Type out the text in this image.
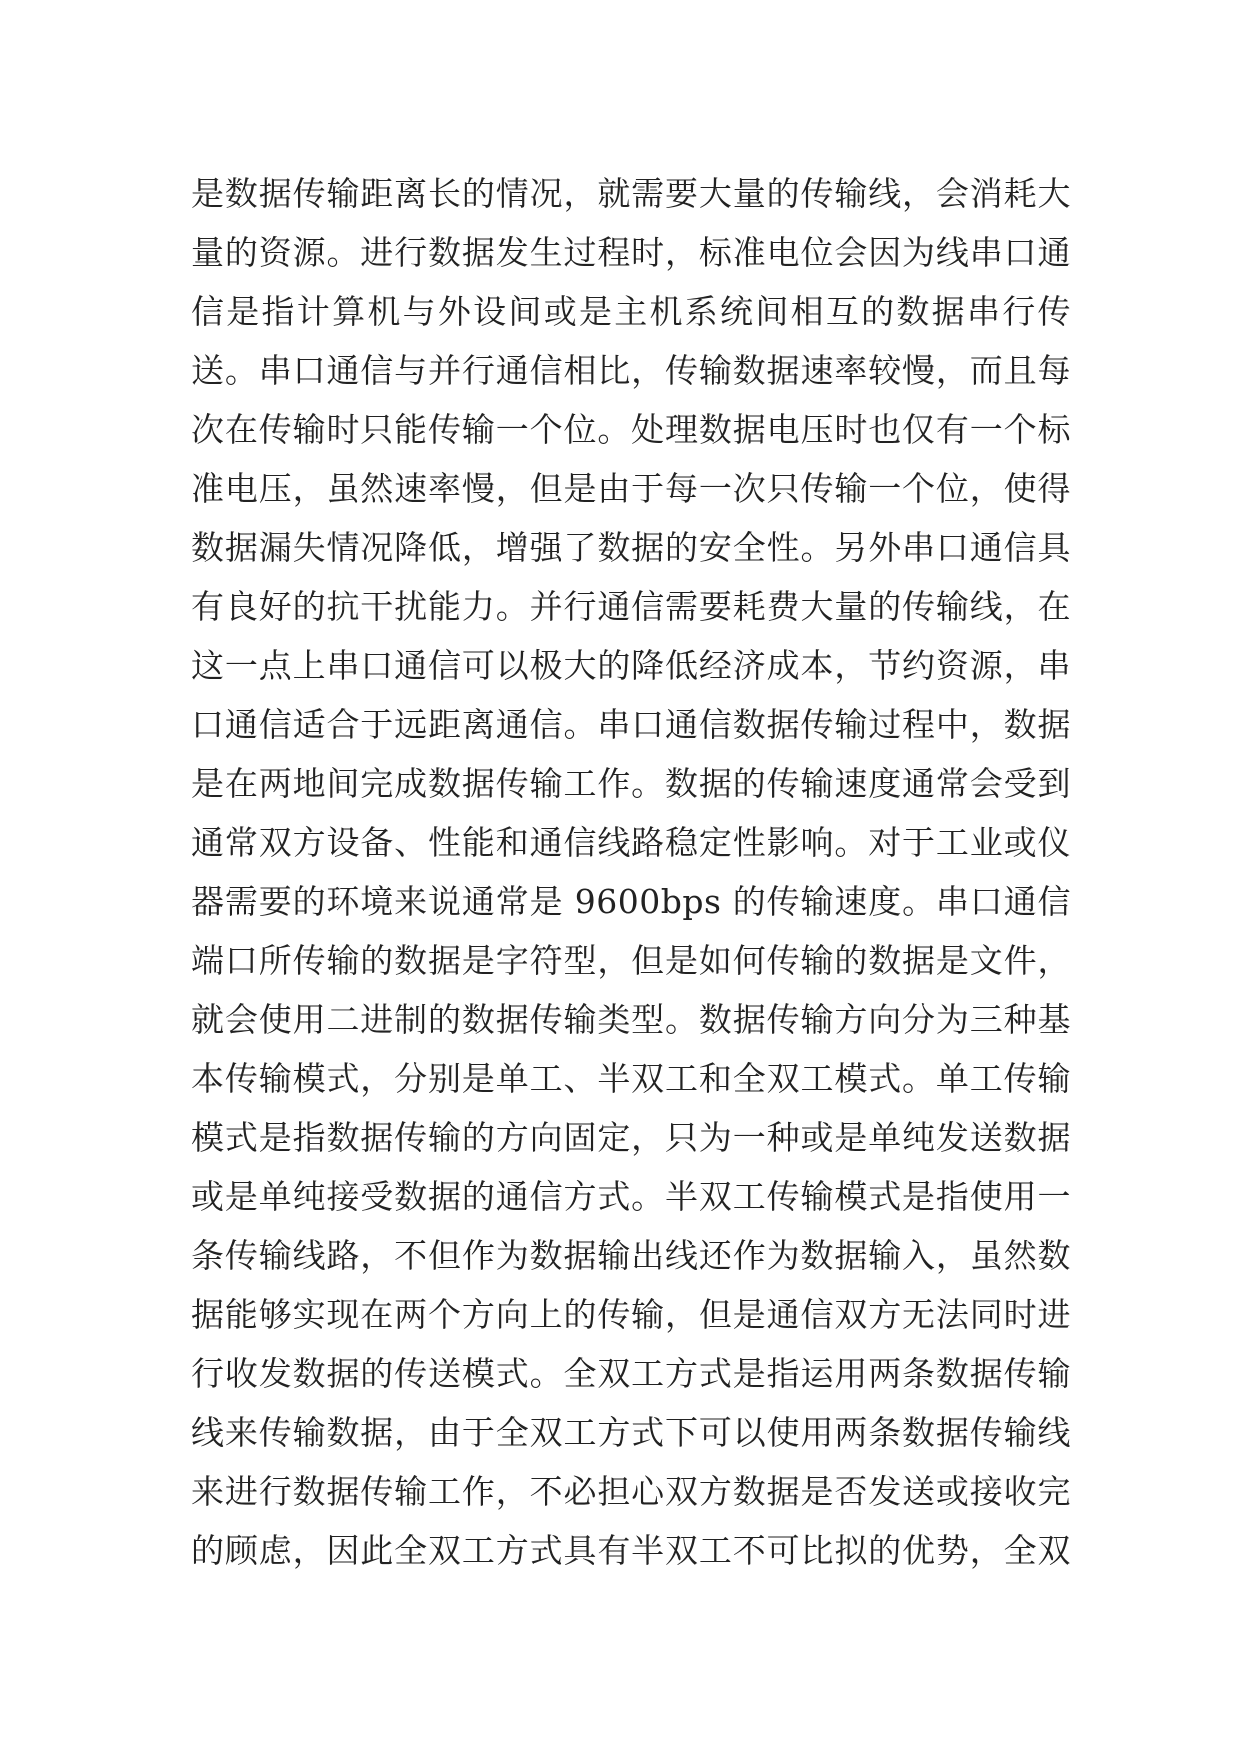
是数据传输距离长的情况，就需要大量的传输线，会消耗大
量的资源。进行数据发生过程时，标准电位会因为线串口通
信是指计算机与外设间或是主机系统间相互的数据串行传
送。串口通信与并行通信相比，传输数据速率较慢，而且每
次在传输时只能传输一个位。处理数据电压时也仅有一个标
准电压，虽然速率慢，但是由于每一次只传输一个位，使得
数据漏失情况降低，增强了数据的安全性。另外串口通信具
有良好的抗干扰能力。并行通信需要耗费大量的传输线，在
这一点上串口通信可以极大的降低经济成本，节约资源，串
口通信适合于远距离通信。串口通信数据传输过程中，数据
是在两地间完成数据传输工作。数据的传输速度通常会受到
通常双方设备、性能和通信线路稳定性影响。对于工业或仪
器需要的环境来说通常是 9600bps 的传输速度。串口通信
端口所传输的数据是字符型，但是如何传输的数据是文件，
就会使用二进制的数据传输类型。数据传输方向分为三种基
本传输模式，分别是单工、半双工和全双工模式。单工传输
模式是指数据传输的方向固定，只为一种或是单纯发送数据
或是单纯接受数据的通信方式。半双工传输模式是指使用一
条传输线路，不但作为数据输出线还作为数据输入，虽然数
据能够实现在两个方向上的传输，但是通信双方无法同时进
行收发数据的传送模式。全双工方式是指运用两条数据传输
线来传输数据，由于全双工方式下可以使用两条数据传输线
来进行数据传输工作，不必担心双方数据是否发送或接收完
的顾虑，因此全双工方式具有半双工不可比拟的优势，全双
